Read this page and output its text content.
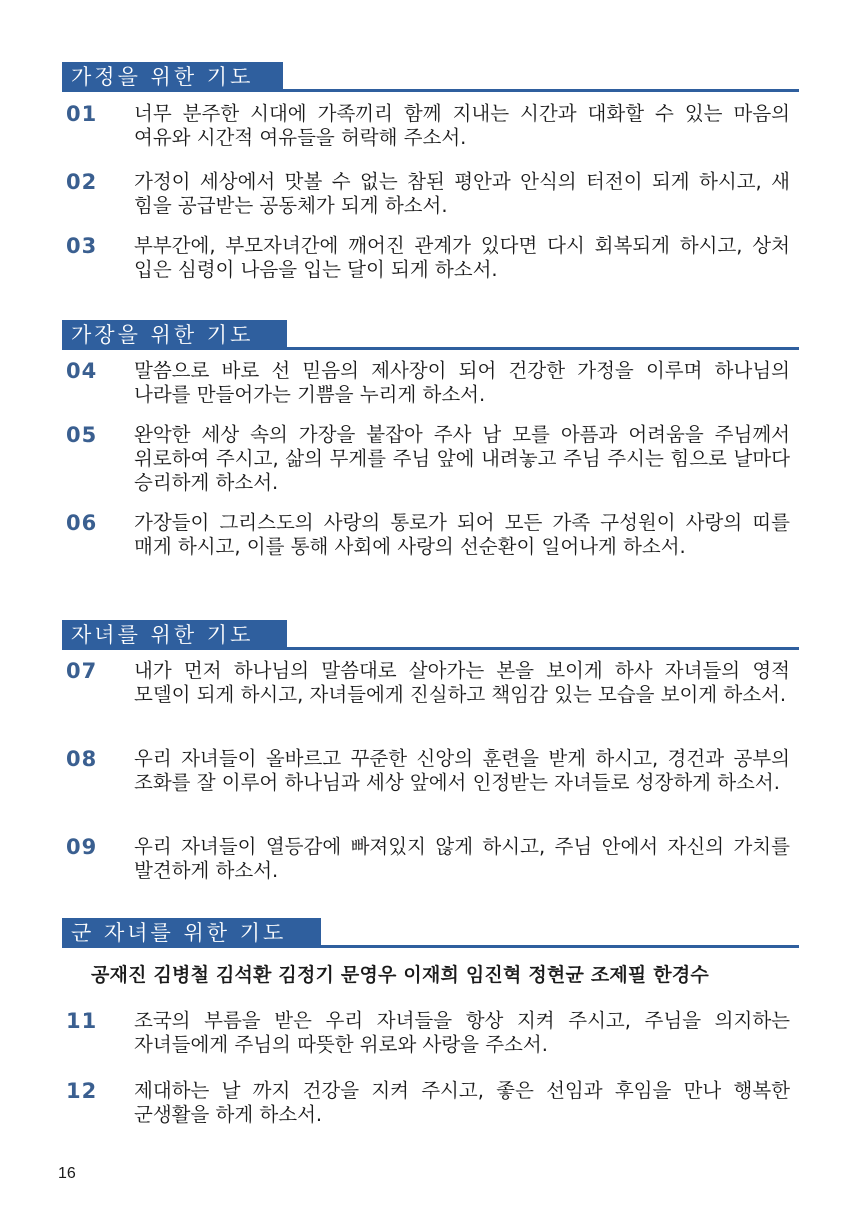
가정을 위한 기도
01 너무 분주한 시대에 가족끼리 함께 지내는 시간과 대화할 수 있는 마음의 여유와 시간적 여유들을 허락해 주소서.
02 가정이 세상에서 맛볼 수 없는 참된 평안과 안식의 터전이 되게 하시고, 새 힘을 공급받는 공동체가 되게 하소서.
03 부부간에, 부모자녀간에 깨어진 관계가 있다면 다시 회복되게 하시고, 상처 입은 심령이 나음을 입는 달이 되게 하소서.
가장을 위한 기도
04 말씀으로 바로 선 믿음의 제사장이 되어 건강한 가정을 이루며 하나님의 나라를 만들어가는 기쁨을 누리게 하소서.
05 완악한 세상 속의 가장을 붙잡아 주사 남 모를 아픔과 어려움을 주님께서 위로하여 주시고, 삶의 무게를 주님 앞에 내려놓고 주님 주시는 힘으로 날마다 승리하게 하소서.
06 가장들이 그리스도의 사랑의 통로가 되어 모든 가족 구성원이 사랑의 띠를 매게 하시고, 이를 통해 사회에 사랑의 선순환이 일어나게 하소서.
자녀를 위한 기도
07 내가 먼저 하나님의 말씀대로 살아가는 본을 보이게 하사 자녀들의 영적 모델이 되게 하시고, 자녀들에게 진실하고 책임감 있는 모습을 보이게 하소서.
08 우리 자녀들이 올바르고 꾸준한 신앙의 훈련을 받게 하시고, 경건과 공부의 조화를 잘 이루어 하나님과 세상 앞에서 인정받는 자녀들로 성장하게 하소서.
09 우리 자녀들이 열등감에 빠져있지 않게 하시고, 주님 안에서 자신의 가치를 발견하게 하소서.
군 자녀를 위한 기도
11 조국의 부름을 받은 우리 자녀들을 항상 지켜 주시고, 주님을 의지하는 자녀들에게 주님의 따뜻한 위로와 사랑을 주소서.
12 제대하는 날 까지 건강을 지켜 주시고, 좋은 선임과 후임을 만나 행복한 군생활을 하게 하소서.
공재진 김병철 김석환 김정기 문영우 이재희 임진혁 정현균 조제필 한경수
16
